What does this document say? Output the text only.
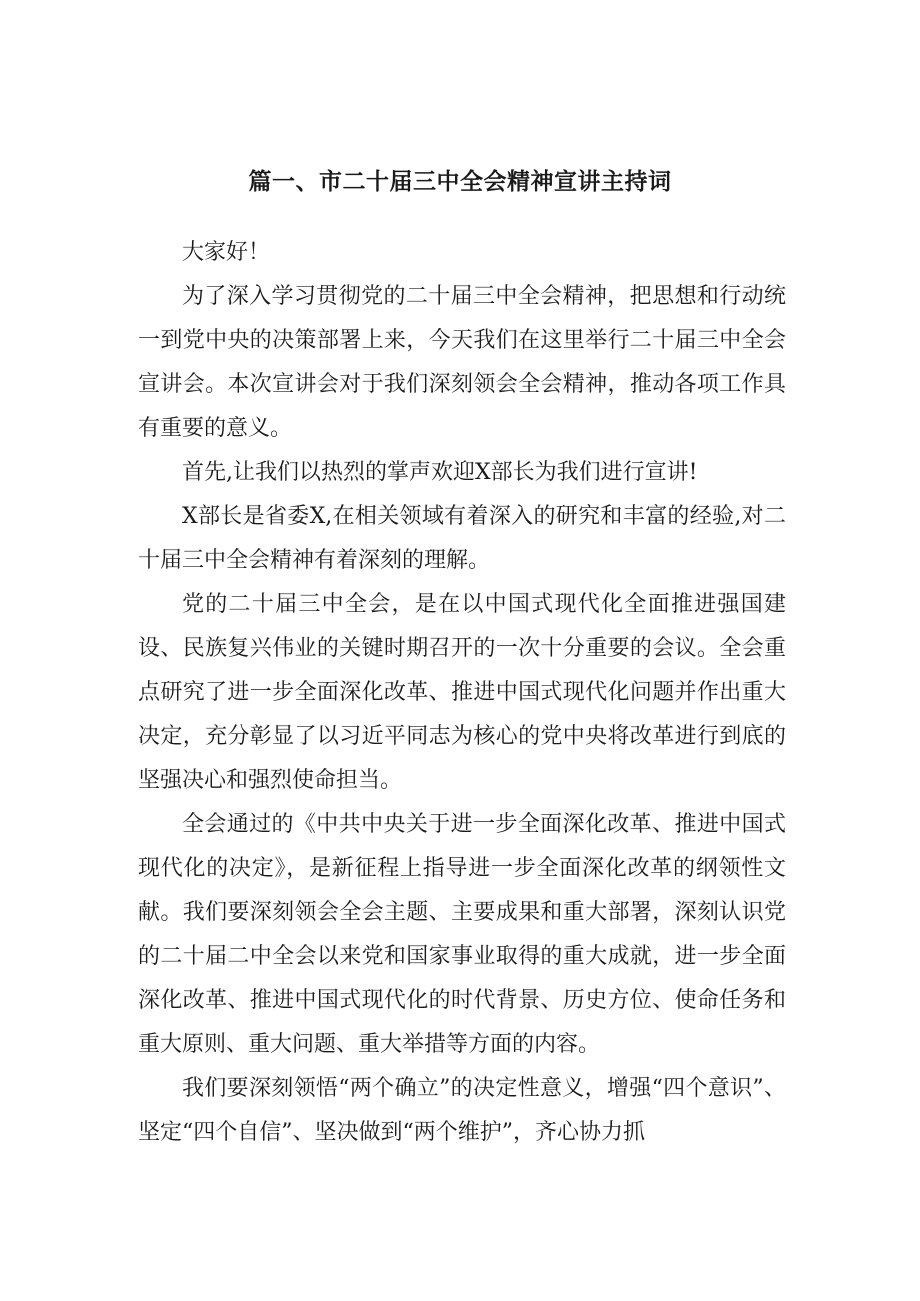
篇一、市二十届三中全会精神宣讲主持词

大家好！

为了深入学习贯彻党的二十届三中全会精神，把思想和行动统一到党中央的决策部署上来，今天我们在这里举行二十届三中全会宣讲会。本次宣讲会对于我们深刻领会全会精神，推动各项工作具有重要的意义。

首先,让我们以热烈的掌声欢迎X部长为我们进行宣讲!

X部长是省委X,在相关领域有着深入的研究和丰富的经验,对二十届三中全会精神有着深刻的理解。

党的二十届三中全会，是在以中国式现代化全面推进强国建设、民族复兴伟业的关键时期召开的一次十分重要的会议。全会重点研究了进一步全面深化改革、推进中国式现代化问题并作出重大决定，充分彰显了以习近平同志为核心的党中央将改革进行到底的坚强决心和强烈使命担当。

全会通过的《中共中央关于进一步全面深化改革、推进中国式现代化的决定》，是新征程上指导进一步全面深化改革的纲领性文献。我们要深刻领会全会主题、主要成果和重大部署，深刻认识党的二十届二中全会以来党和国家事业取得的重大成就，进一步全面深化改革、推进中国式现代化的时代背景、历史方位、使命任务和重大原则、重大问题、重大举措等方面的内容。

我们要深刻领悟“两个确立”的决定性意义，增强“四个意识”、坚定“四个自信”、坚决做到“两个维护”，齐心协力抓
